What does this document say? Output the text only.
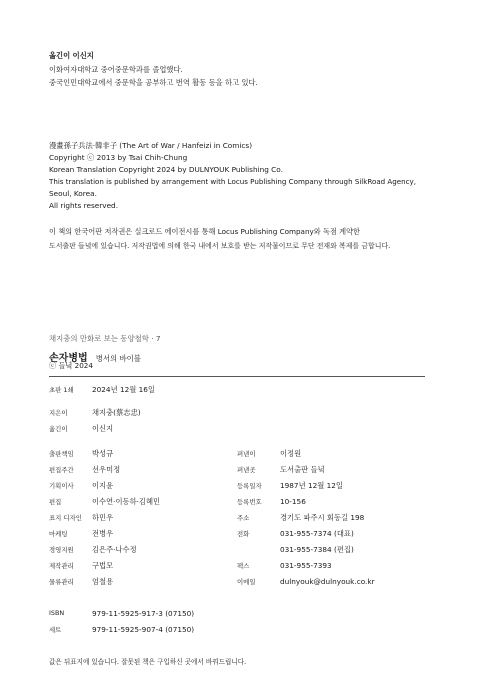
옮긴이 이신지
이화여자대학교 중어중문학과를 졸업했다.
중국인민대학교에서 중문학을 공부하고 번역 활동 등을 하고 있다.
漫畫孫子兵法‧韓非子 (The Art of War / Hanfeizi in Comics)
Copyright ⓒ 2013 by Tsai Chih-Chung
Korean Translation Copyright 2024 by DULNYOUK Publishing Co.
This translation is published by arrangement with Locus Publishing Company through SilkRoad Agency,
Seoul, Korea.
All rights reserved.
이 책의 한국어판 저작권은 실크로드 에이전시를 통해 Locus Publishing Company와 독점 계약한
도서출판 들녘에 있습니다. 저작권법에 의해 한국 내에서 보호를 받는 저작물이므로 무단 전재와 복제를 금합니다.
채지충의 만화로 보는 동양철학 · 7
손자병법 병서의 바이블
ⓒ 들녘 2024
초판 1쇄	2024년 12월 16일
지은이	채지충(蔡志忠)
옮긴이	이신지
출판책임	박성규
편집주간	선우미정
기획이사	이지윤
편집	이수연·이동하·김혜민
표지 디자인 하민우
마케팅	전병우
경영지원	김은주·나수정
제작관리	구법모
물류관리	엄철용
펴낸이	이정원
펴낸곳	도서출판 들녘
등록일자	1987년 12월 12일
등록번호	10-156
주소	경기도 파주시 회동길 198
전화	031-955-7374 (대표)
031-955-7384 (편집)
팩스	031-955-7393
이메일	dulnyouk@dulnyouk.co.kr
ISBN	979-11-5925-917-3 (07150)
세트	979-11-5925-907-4 (07150)
값은 뒤표지에 있습니다. 잘못된 책은 구입하신 곳에서 바꿔드립니다.
